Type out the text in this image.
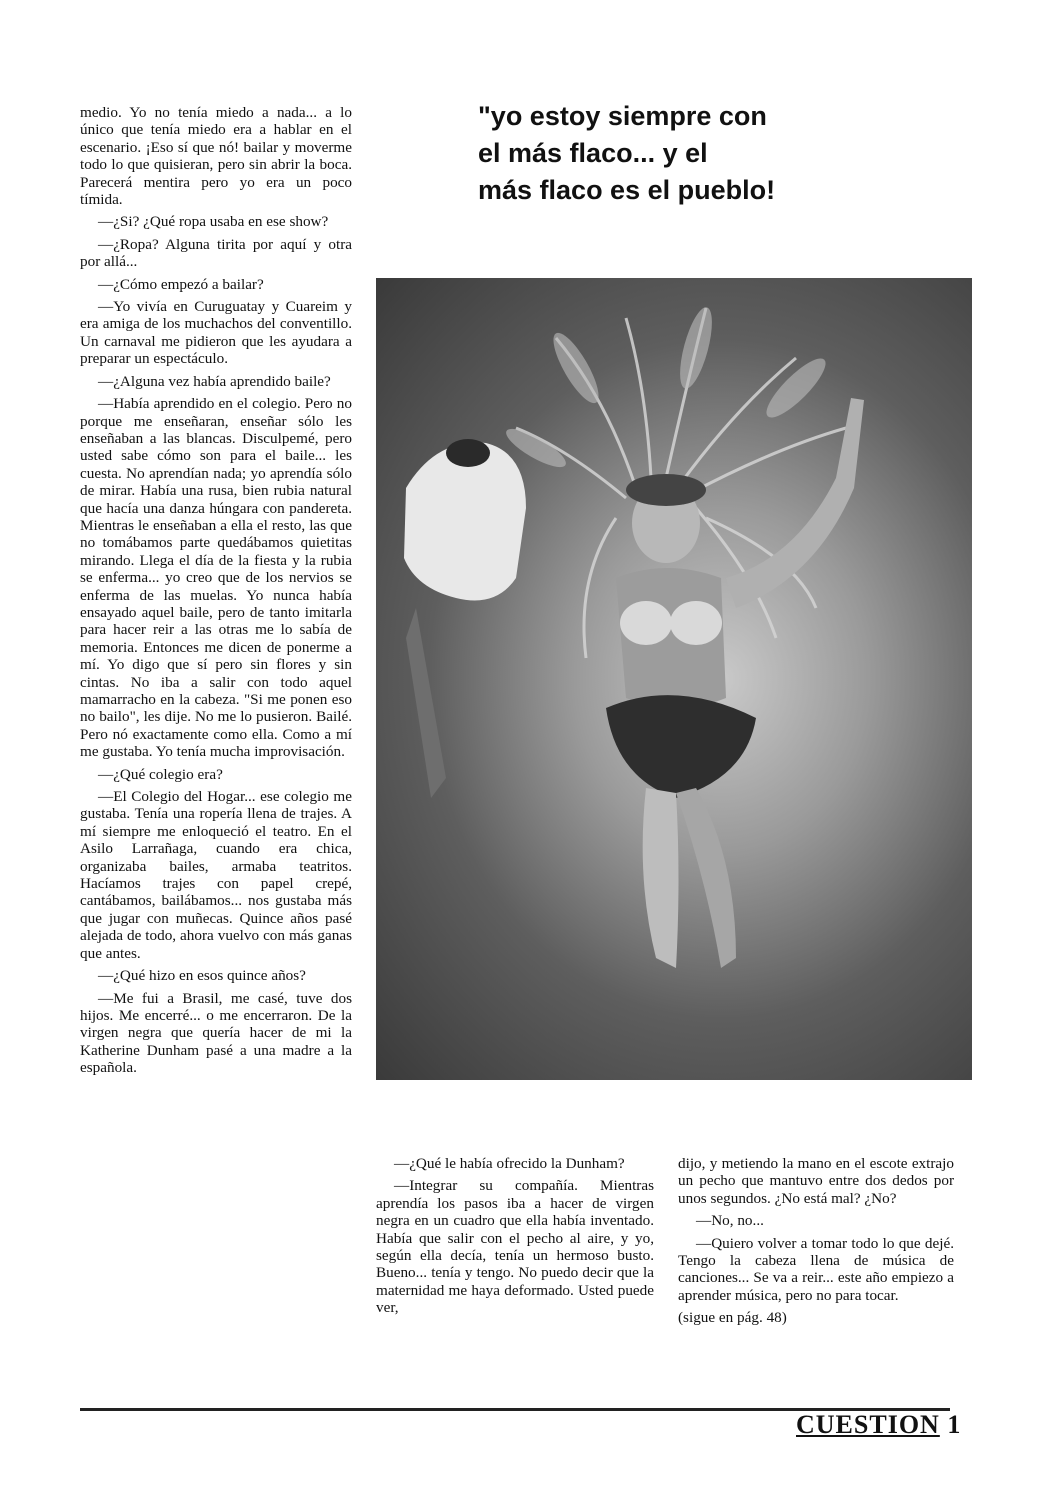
medio. Yo no tenía miedo a nada... a lo único que tenía miedo era a hablar en el escenario. ¡Eso sí que nó! bailar y moverme todo lo que quisieran, pero sin abrir la boca. Parecerá mentira pero yo era un poco tímida.

—¿Si? ¿Qué ropa usaba en ese show?

—¿Ropa? Alguna tirita por aquí y otra por allá...

—¿Cómo empezó a bailar?

—Yo vivía en Curuguatay y Cuareim y era amiga de los muchachos del conventillo. Un carnaval me pidieron que les ayudara a preparar un espectáculo.

—¿Alguna vez había aprendido baile?

—Había aprendido en el colegio. Pero no porque me enseñaran, enseñar sólo les enseñaban a las blancas. Disculpemé, pero usted sabe cómo son para el baile... les cuesta. No aprendían nada; yo aprendía sólo de mirar. Había una rusa, bien rubia natural que hacía una danza húngara con pandereta. Mientras le enseñaban a ella el resto, las que no tomábamos parte quedábamos quietitas mirando. Llega el día de la fiesta y la rubia se enferma... yo creo que de los nervios se enferma de las muelas. Yo nunca había ensayado aquel baile, pero de tanto imitarla para hacer reir a las otras me lo sabía de memoria. Entonces me dicen de ponerme a mí. Yo digo que sí pero sin flores y sin cintas. No iba a salir con todo aquel mamarracho en la cabeza. "Si me ponen eso no bailo", les dije. No me lo pusieron. Bailé. Pero nó exactamente como ella. Como a mí me gustaba. Yo tenía mucha improvisación.

—¿Qué colegio era?

—El Colegio del Hogar... ese colegio me gustaba. Tenía una ropería llena de trajes. A mí siempre me enloqueció el teatro. En el Asilo Larrañaga, cuando era chica, organizaba bailes, armaba teatritos. Hacíamos trajes con papel crepé, cantábamos, bailábamos... nos gustaba más que jugar con muñecas. Quince años pasé alejada de todo, ahora vuelvo con más ganas que antes.

—¿Qué hizo en esos quince años?

—Me fui a Brasil, me casé, tuve dos hijos. Me encerré... o me encerraron. De la virgen negra que quería hacer de mi la Katherine Dunham pasé a una madre a la española.

"yo estoy siempre con
el más flaco... y el
más flaco es el pueblo!

—¿Qué le había ofrecido la Dunham?

—Integrar su compañía. Mientras aprendía los pasos iba a hacer de virgen negra en un cuadro que ella había inventado. Había que salir con el pecho al aire, y yo, según ella decía, tenía un hermoso busto. Bueno... tenía y tengo. No puedo decir que la maternidad me haya deformado. Usted puede ver,

dijo, y metiendo la mano en el escote extrajo un pecho que mantuvo entre dos dedos por unos segundos. ¿No está mal? ¿No?

—No, no...

—Quiero volver a tomar todo lo que dejé. Tengo la cabeza llena de música de canciones... Se va a reir... este año empiezo a aprender música, pero no para tocar.

(sigue en pág. 48)

CUESTION 1
